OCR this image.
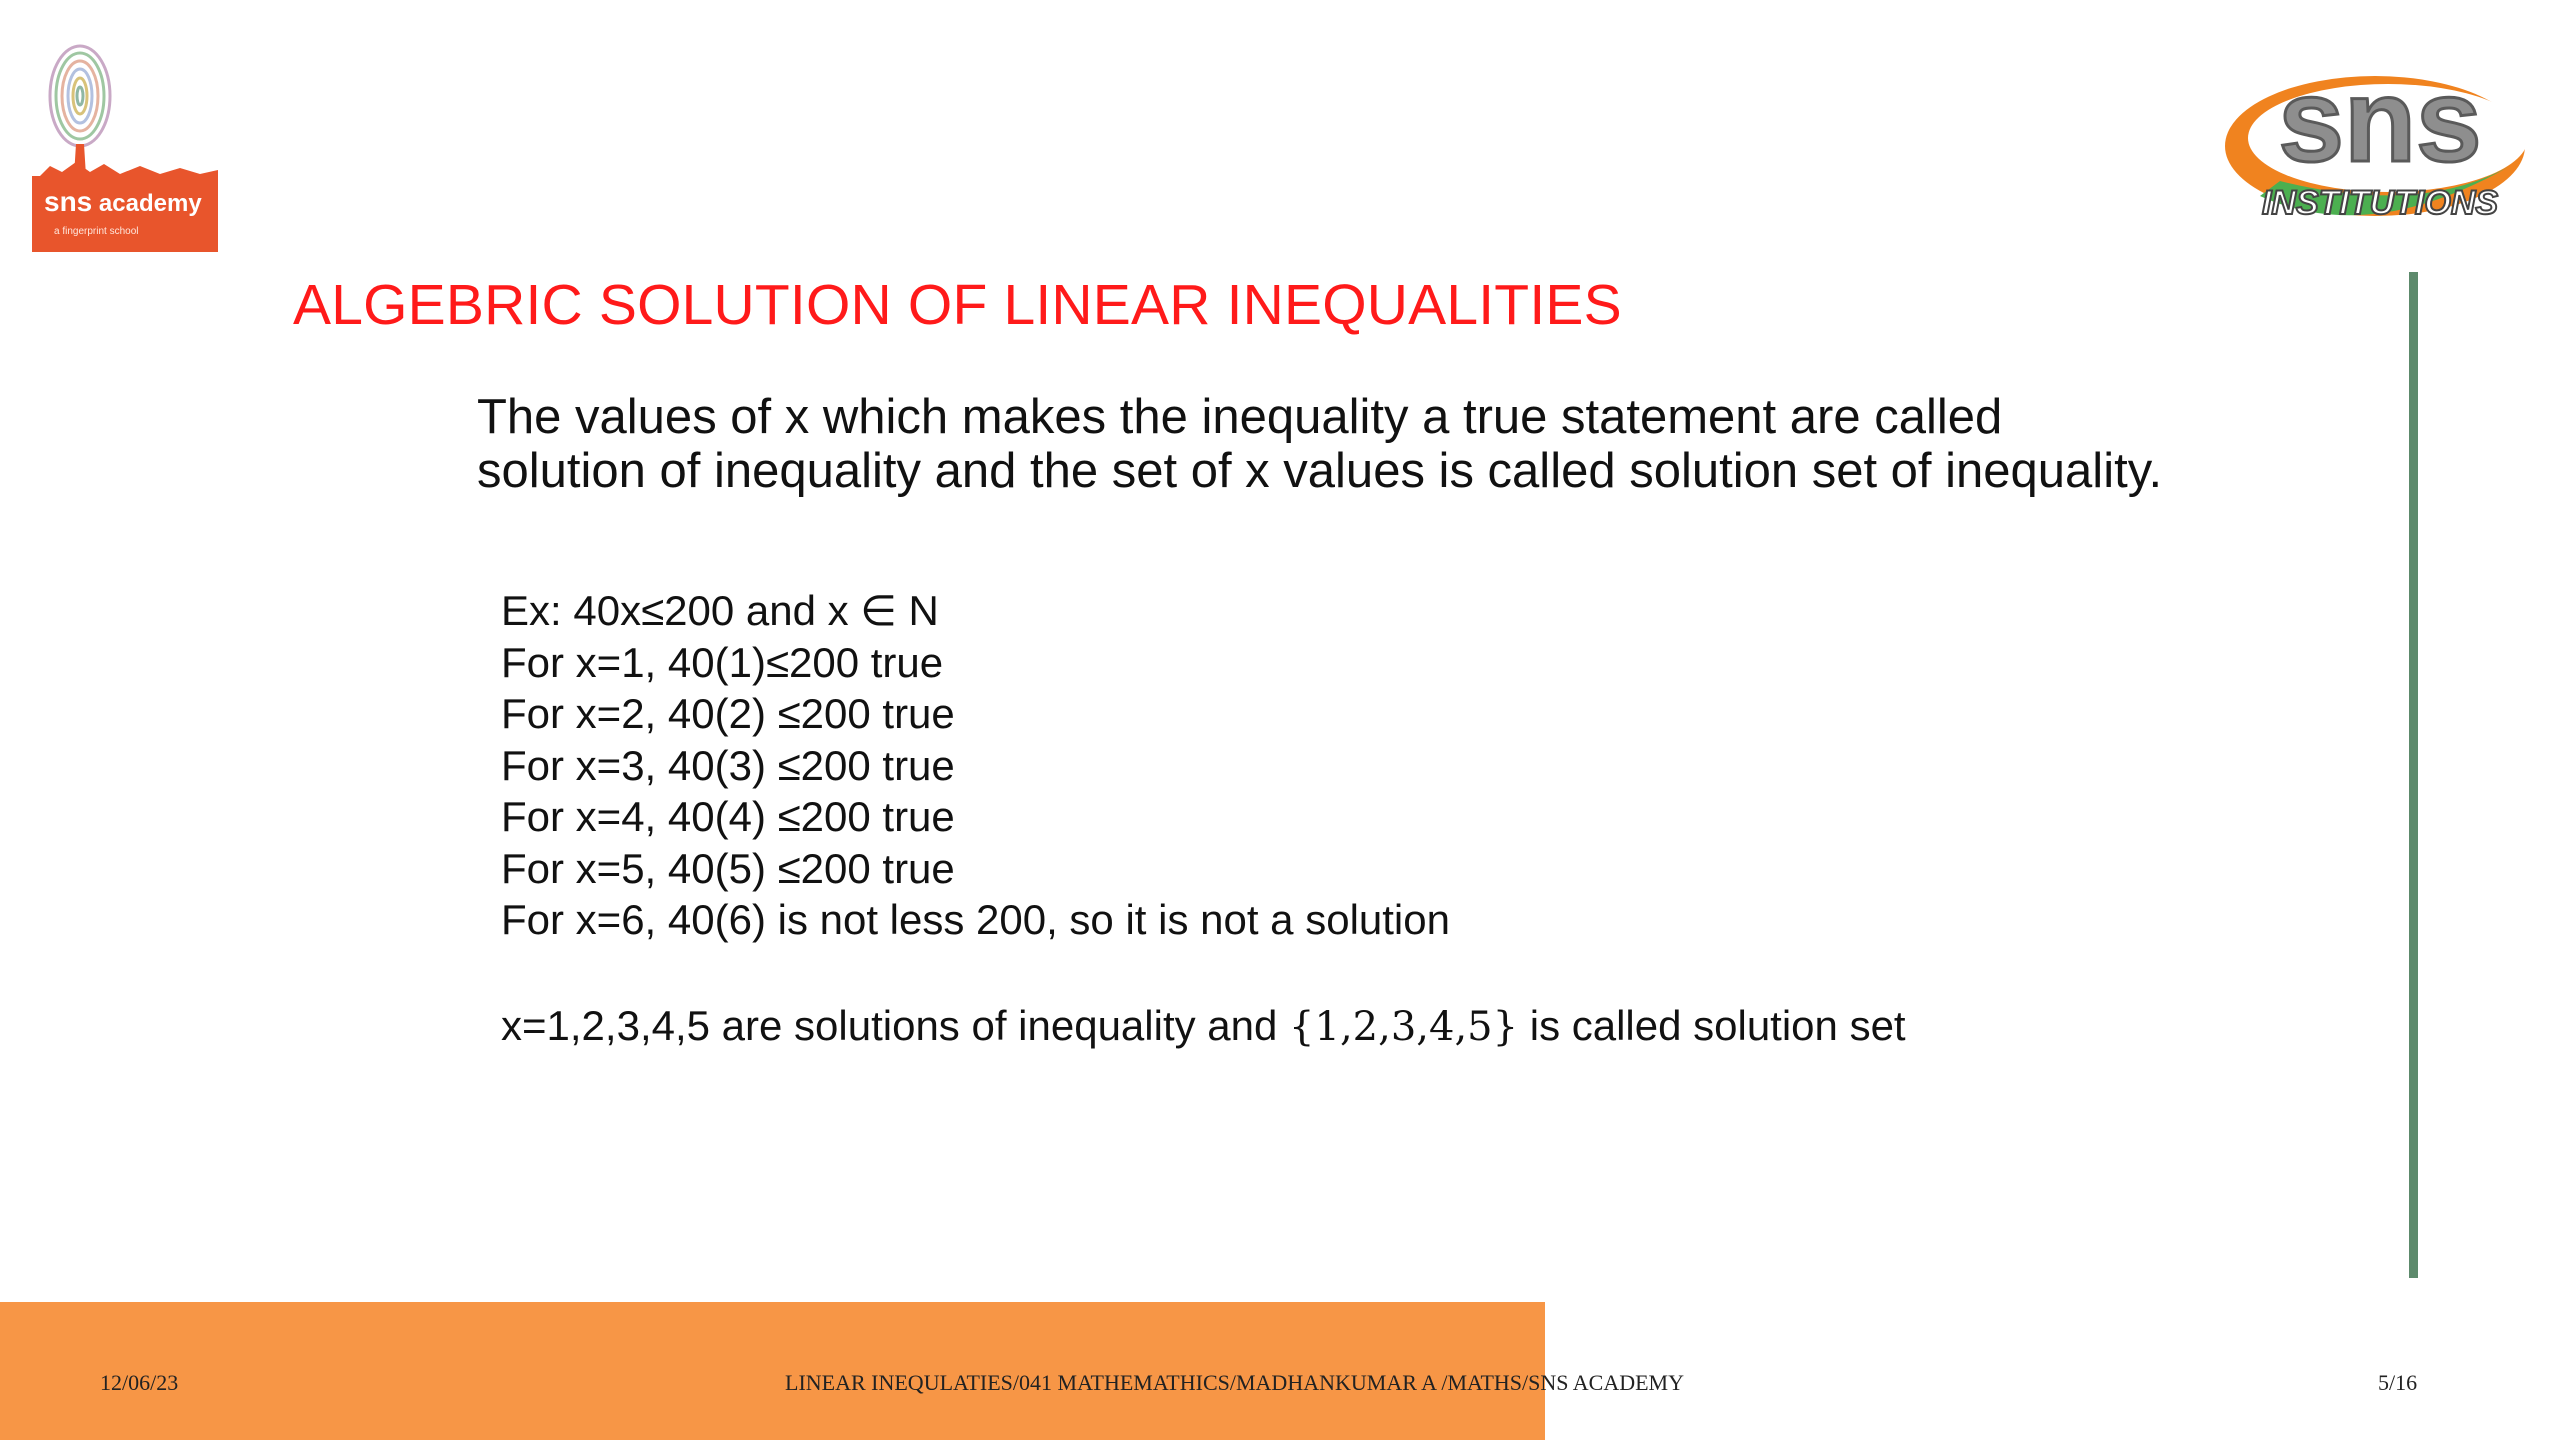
sns academy
a fingerprint school
sns
INSTITUTIONS
ALGEBRIC SOLUTION OF LINEAR INEQUALITIES
The values of x which makes the inequality a true statement are called solution of inequality and the set of x values is called solution set of inequality.
Ex: 40x≤200 and x ∈ N
For x=1, 40(1)≤200 true
For x=2, 40(2) ≤200 true
For x=3, 40(3) ≤200 true
For x=4, 40(4) ≤200 true
For x=5, 40(5) ≤200 true
For x=6, 40(6) is not less 200, so it is not a solution
x=1,2,3,4,5 are solutions of inequality and {1,2,3,4,5} is called solution set
12/06/23	LINEAR INEQULATIES/041 MATHEMATHICS/MADHANKUMAR A /MATHS/SNS ACADEMY	5/16
